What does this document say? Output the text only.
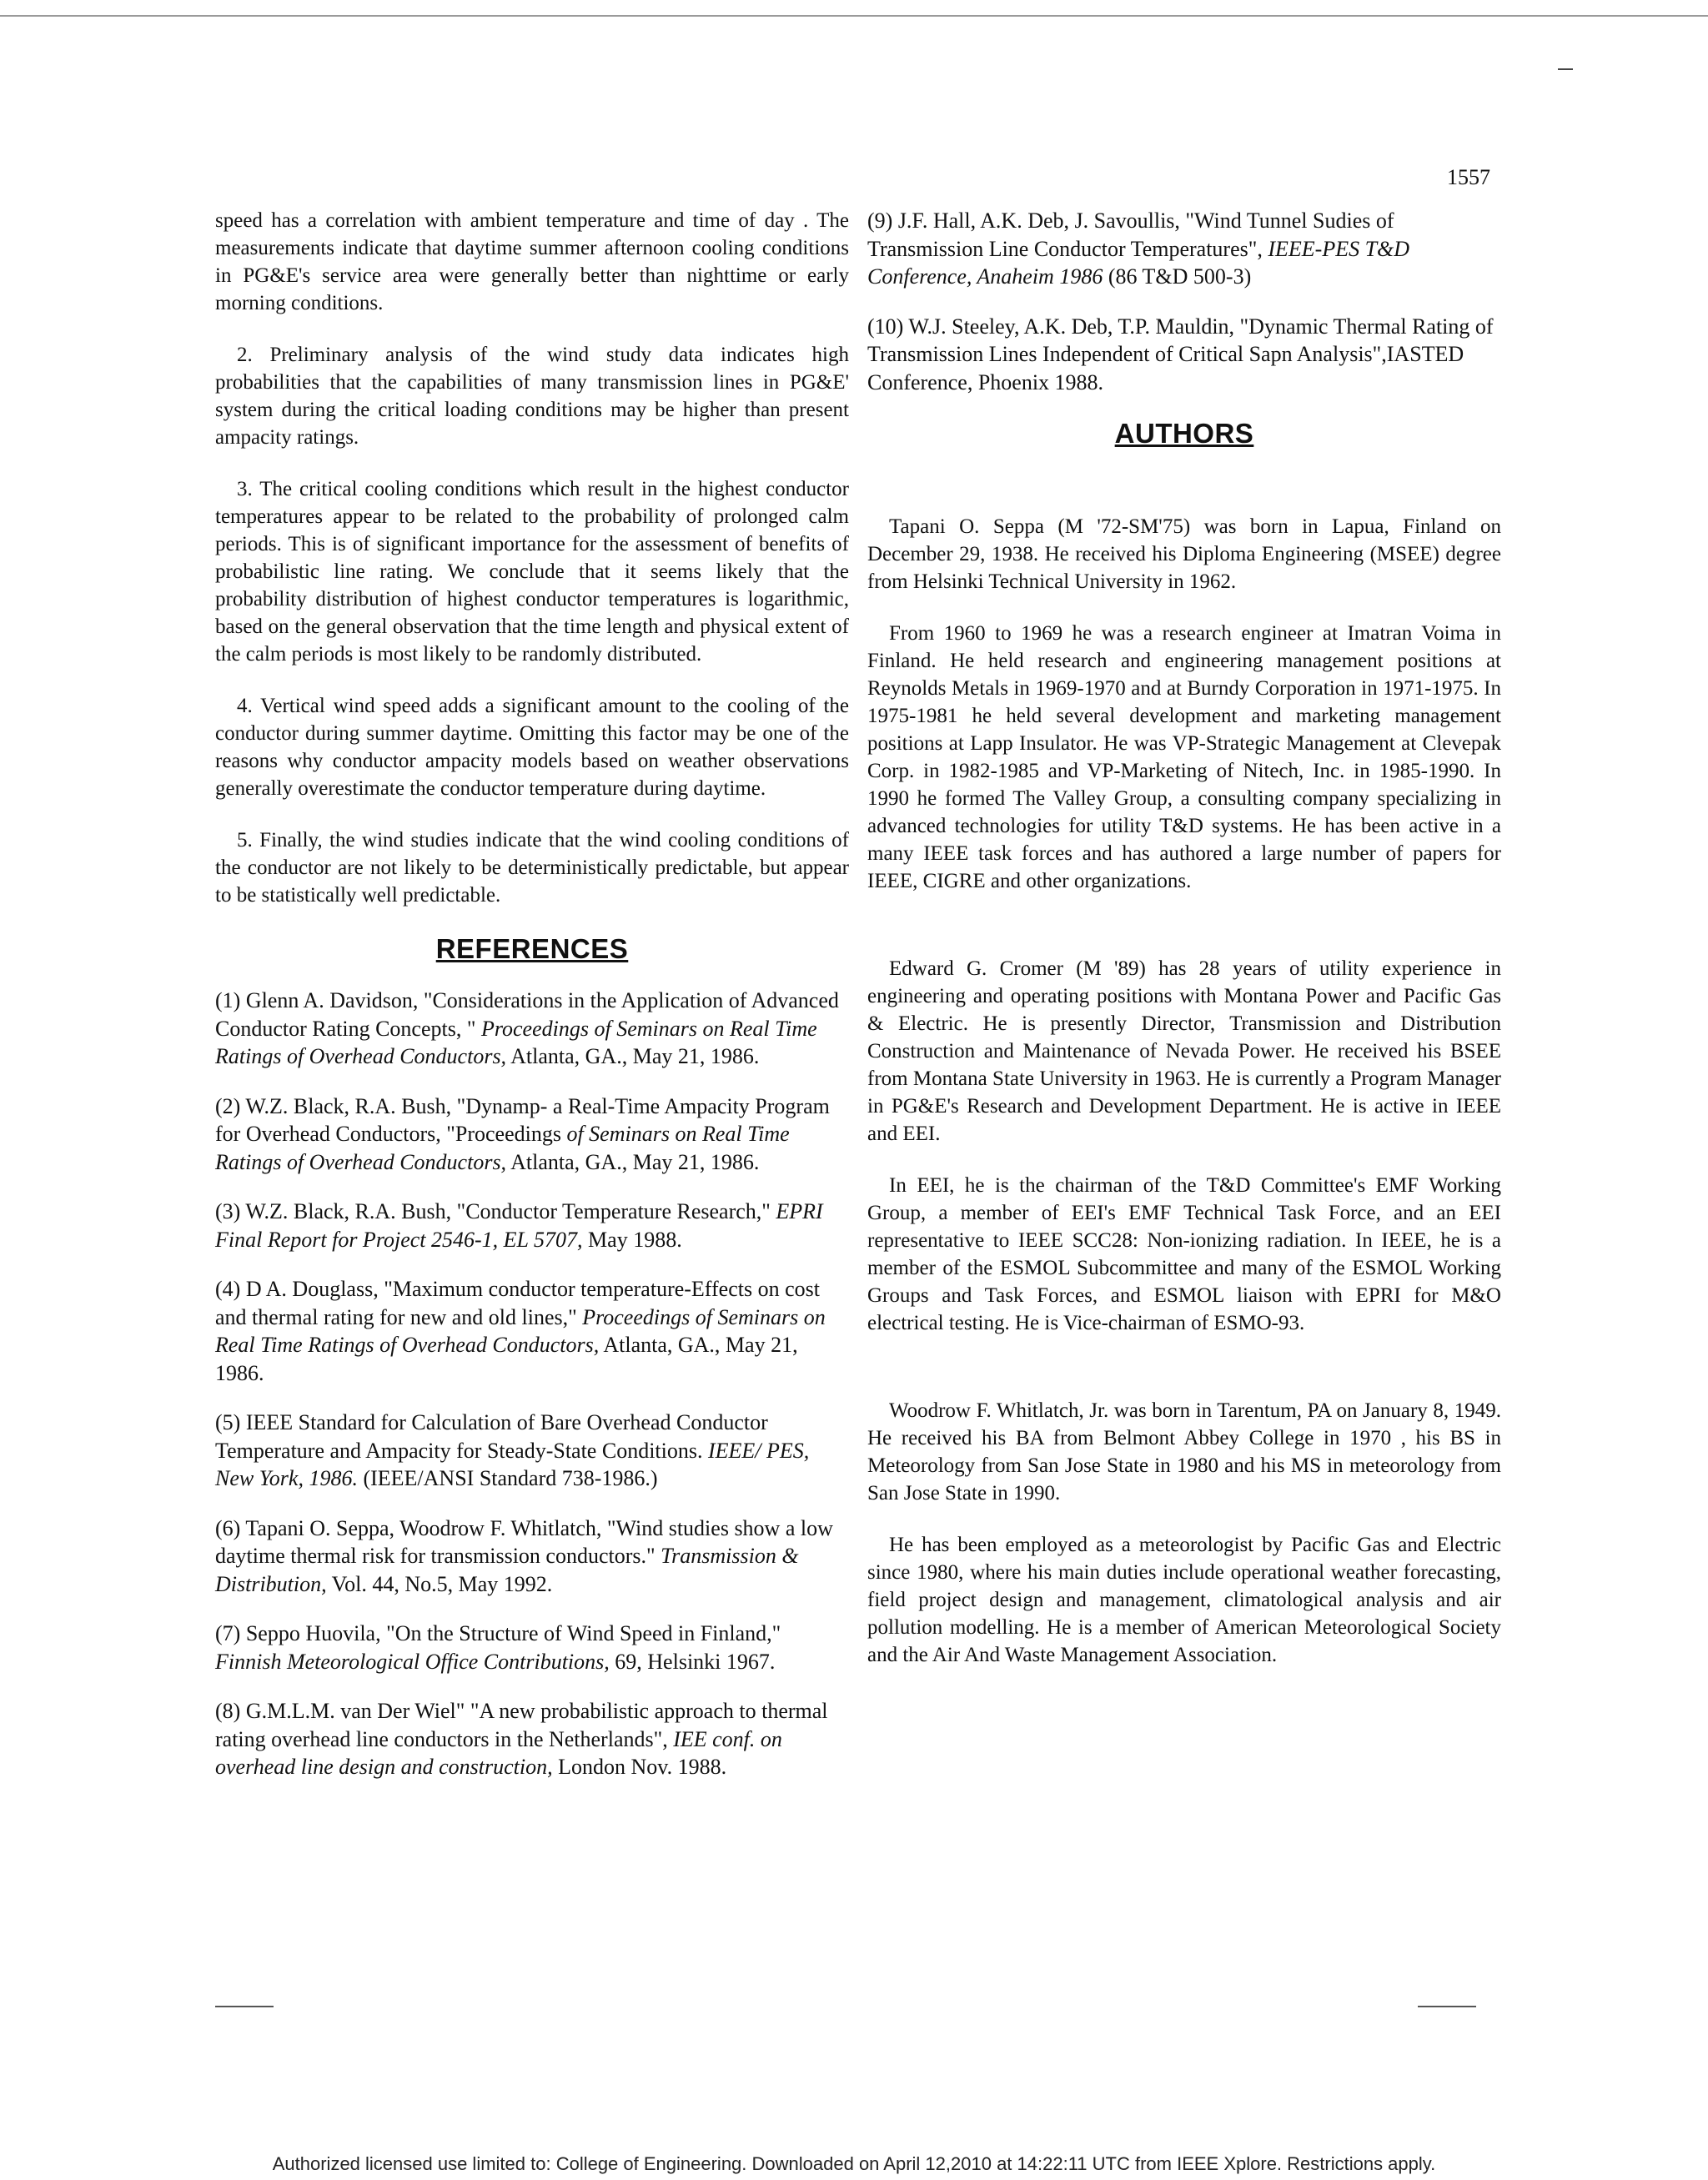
1557

speed has a correlation with ambient temperature and time of day . The measurements indicate that daytime summer afternoon cooling conditions in PG&E's service area were generally better than nighttime or early morning conditions.

2. Preliminary analysis of the wind study data indicates high probabilities that the capabilities of many transmission lines in PG&E' system during the critical loading conditions may be higher than present ampacity ratings.

3. The critical cooling conditions which result in the highest conductor temperatures appear to be related to the probability of prolonged calm periods. This is of significant importance for the assessment of benefits of probabilistic line rating. We conclude that it seems likely that the probability distribution of highest conductor temperatures is logarithmic, based on the general observation that the time length and physical extent of the calm periods is most likely to be randomly distributed.

4. Vertical wind speed adds a significant amount to the cooling of the conductor during summer daytime. Omitting this factor may be one of the reasons why conductor ampacity models based on weather observations generally overestimate the conductor temperature during daytime.

5. Finally, the wind studies indicate that the wind cooling conditions of the conductor are not likely to be deterministically predictable, but appear to be statistically well predictable.

REFERENCES

(1) Glenn A. Davidson, "Considerations in the Application of Advanced Conductor Rating Concepts, " Proceedings of Seminars on Real Time Ratings of Overhead Conductors, Atlanta, GA., May 21, 1986.

(2) W.Z. Black, R.A. Bush, "Dynamp- a Real-Time Ampacity Program for Overhead Conductors, "Proceedings of Seminars on Real Time Ratings of Overhead Conductors, Atlanta, GA., May 21, 1986.

(3) W.Z. Black, R.A. Bush, "Conductor Temperature Research," EPRI Final Report for Project 2546-1, EL 5707, May 1988.

(4) D A. Douglass, "Maximum conductor temperature-Effects on cost and thermal rating for new and old lines," Proceedings of Seminars on Real Time Ratings of Overhead Conductors, Atlanta, GA., May 21, 1986.

(5) IEEE Standard for Calculation of Bare Overhead Conductor Temperature and Ampacity for Steady-State Conditions. IEEE/ PES, New York, 1986. (IEEE/ANSI Standard 738-1986.)

(6) Tapani O. Seppa, Woodrow F. Whitlatch, "Wind studies show a low daytime thermal risk for transmission conductors." Transmission & Distribution, Vol. 44, No.5, May 1992.

(7) Seppo Huovila, "On the Structure of Wind Speed in Finland," Finnish Meteorological Office Contributions, 69, Helsinki 1967.

(8) G.M.L.M. van Der Wiel" "A new probabilistic approach to thermal rating overhead line conductors in the Netherlands", IEE conf. on overhead line design and construction, London Nov. 1988.

(9) J.F. Hall, A.K. Deb, J. Savoullis, "Wind Tunnel Sudies of Transmission Line Conductor Temperatures", IEEE-PES T&D Conference, Anaheim 1986 (86 T&D 500-3)

(10) W.J. Steeley, A.K. Deb, T.P. Mauldin, "Dynamic Thermal Rating of Transmission Lines Independent of Critical Sapn Analysis",IASTED Conference, Phoenix 1988.

AUTHORS

Tapani O. Seppa (M '72-SM'75) was born in Lapua, Finland on December 29, 1938. He received his Diploma Engineering (MSEE) degree from Helsinki Technical University in 1962.

From 1960 to 1969 he was a research engineer at Imatran Voima in Finland. He held research and engineering management positions at Reynolds Metals in 1969-1970 and at Burndy Corporation in 1971-1975. In 1975-1981 he held several development and marketing management positions at Lapp Insulator. He was VP-Strategic Management at Clevepak Corp. in 1982-1985 and VP-Marketing of Nitech, Inc. in 1985-1990. In 1990 he formed The Valley Group, a consulting company specializing in advanced technologies for utility T&D systems. He has been active in a many IEEE task forces and has authored a large number of papers for IEEE, CIGRE and other organizations.

Edward G. Cromer (M '89) has 28 years of utility experience in engineering and operating positions with Montana Power and Pacific Gas & Electric. He is presently Director, Transmission and Distribution Construction and Maintenance of Nevada Power. He received his BSEE from Montana State University in 1963. He is currently a Program Manager in PG&E's Research and Development Department. He is active in IEEE and EEI.

In EEI, he is the chairman of the T&D Committee's EMF Working Group, a member of EEI's EMF Technical Task Force, and an EEI representative to IEEE SCC28: Non-ionizing radiation. In IEEE, he is a member of the ESMOL Subcommittee and many of the ESMOL Working Groups and Task Forces, and ESMOL liaison with EPRI for M&O electrical testing. He is Vice-chairman of ESMO-93.

Woodrow F. Whitlatch, Jr. was born in Tarentum, PA on January 8, 1949. He received his BA from Belmont Abbey College in 1970 , his BS in Meteorology from San Jose State in 1980 and his MS in meteorology from San Jose State in 1990.

He has been employed as a meteorologist by Pacific Gas and Electric since 1980, where his main duties include operational weather forecasting, field project design and management, climatological analysis and air pollution modelling. He is a member of American Meteorological Society and the Air And Waste Management Association.

Authorized licensed use limited to: College of Engineering. Downloaded on April 12,2010 at 14:22:11 UTC from IEEE Xplore. Restrictions apply.
